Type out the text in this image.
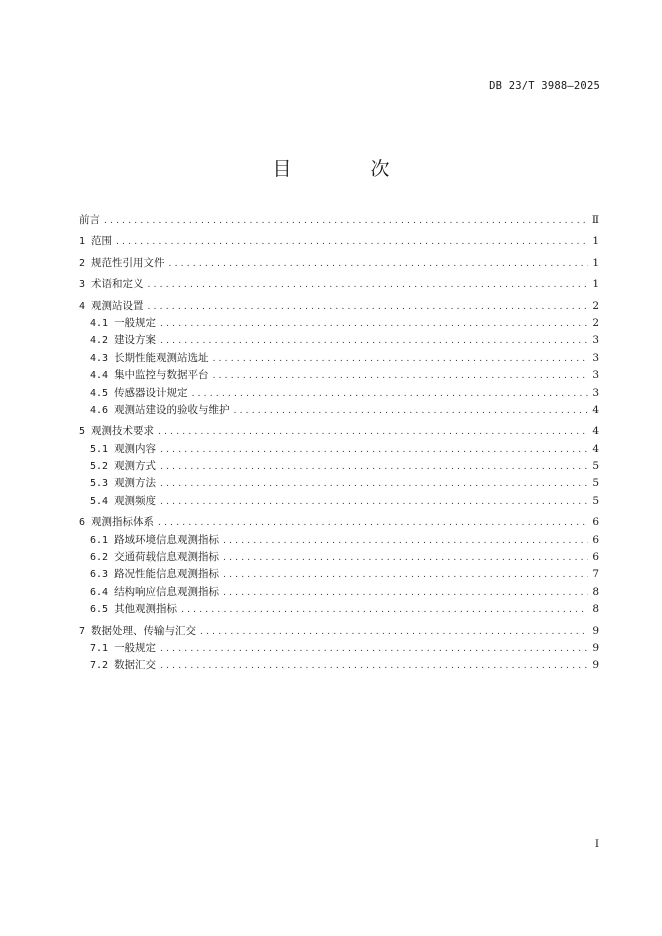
DB 23/T 3988—2025
目　次
前言 .....	Ⅱ
1 范围 .....	1
2 规范性引用文件 .....	1
3 术语和定义 .....	1
4 观测站设置 .....	2
4.1 一般规定 .....	2
4.2 建设方案 .....	3
4.3 长期性能观测站选址 .....	3
4.4 集中监控与数据平台 .....	3
4.5 传感器设计规定 .....	3
4.6 观测站建设的验收与维护 .....	4
5 观测技术要求 .....	4
5.1 观测内容 .....	4
5.2 观测方式 .....	5
5.3 观测方法 .....	5
5.4 观测频度 .....	5
6 观测指标体系 .....	6
6.1 路域环境信息观测指标 .....	6
6.2 交通荷载信息观测指标 .....	6
6.3 路况性能信息观测指标 .....	7
6.4 结构响应信息观测指标 .....	8
6.5 其他观测指标 .....	8
7 数据处理、传输与汇交 .....	9
7.1 一般规定 .....	9
7.2 数据汇交 .....	9
I
